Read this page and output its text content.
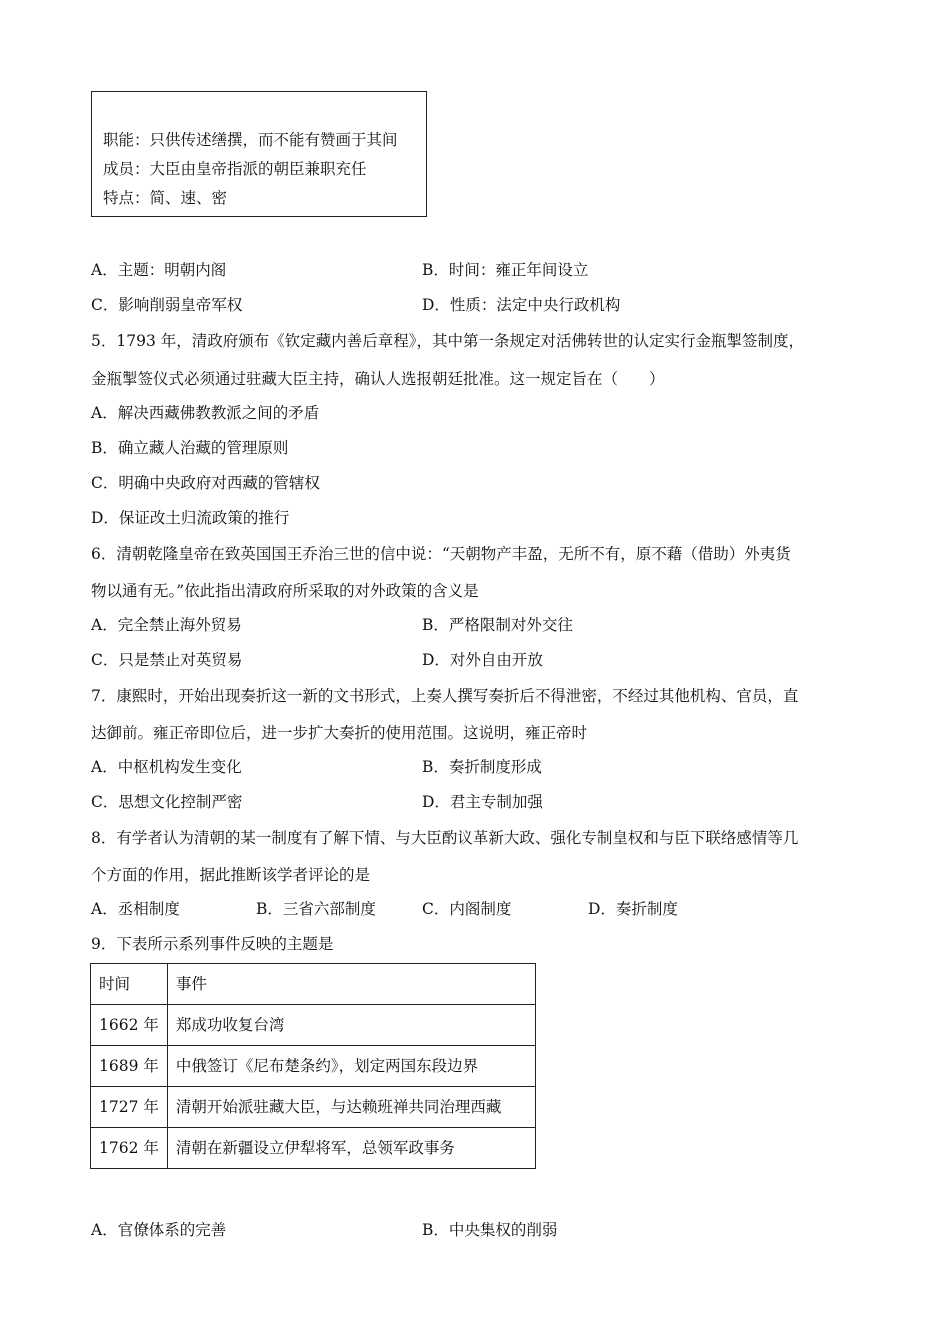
职能：只供传述缮撰，而不能有赞画于其间
成员：大臣由皇帝指派的朝臣兼职充任
特点：简、速、密
A．主题：明朝内阁	B．时间：雍正年间设立
C．影响削弱皇帝军权	D．性质：法定中央行政机构
5．1793 年，清政府颁布《钦定藏内善后章程》，其中第一条规定对活佛转世的认定实行金瓶掣签制度，
金瓶掣签仪式必须通过驻藏大臣主持，确认人选报朝廷批准。这一规定旨在（　　）
A．解决西藏佛教教派之间的矛盾
B．确立藏人治藏的管理原则
C．明确中央政府对西藏的管辖权
D．保证改土归流政策的推行
6．清朝乾隆皇帝在致英国国王乔治三世的信中说：“天朝物产丰盈，无所不有，原不藉（借助）外夷货
物以通有无。”依此指出清政府所采取的对外政策的含义是
A．完全禁止海外贸易	B．严格限制对外交往
C．只是禁止对英贸易	D．对外自由开放
7．康熙时，开始出现奏折这一新的文书形式，上奏人撰写奏折后不得泄密，不经过其他机构、官员，直
达御前。雍正帝即位后，进一步扩大奏折的使用范围。这说明，雍正帝时
A．中枢机构发生变化	B．奏折制度形成
C．思想文化控制严密	D．君主专制加强
8．有学者认为清朝的某一制度有了解下情、与大臣酌议革新大政、强化专制皇权和与臣下联络感情等几
个方面的作用，据此推断该学者评论的是
A．丞相制度	B．三省六部制度	C．内阁制度	D．奏折制度
9．下表所示系列事件反映的主题是
时间	事件
1662 年	郑成功收复台湾
1689 年	中俄签订《尼布楚条约》，划定两国东段边界
1727 年	清朝开始派驻藏大臣，与达赖班禅共同治理西藏
1762 年	清朝在新疆设立伊犁将军，总领军政事务
A．官僚体系的完善	B．中央集权的削弱
